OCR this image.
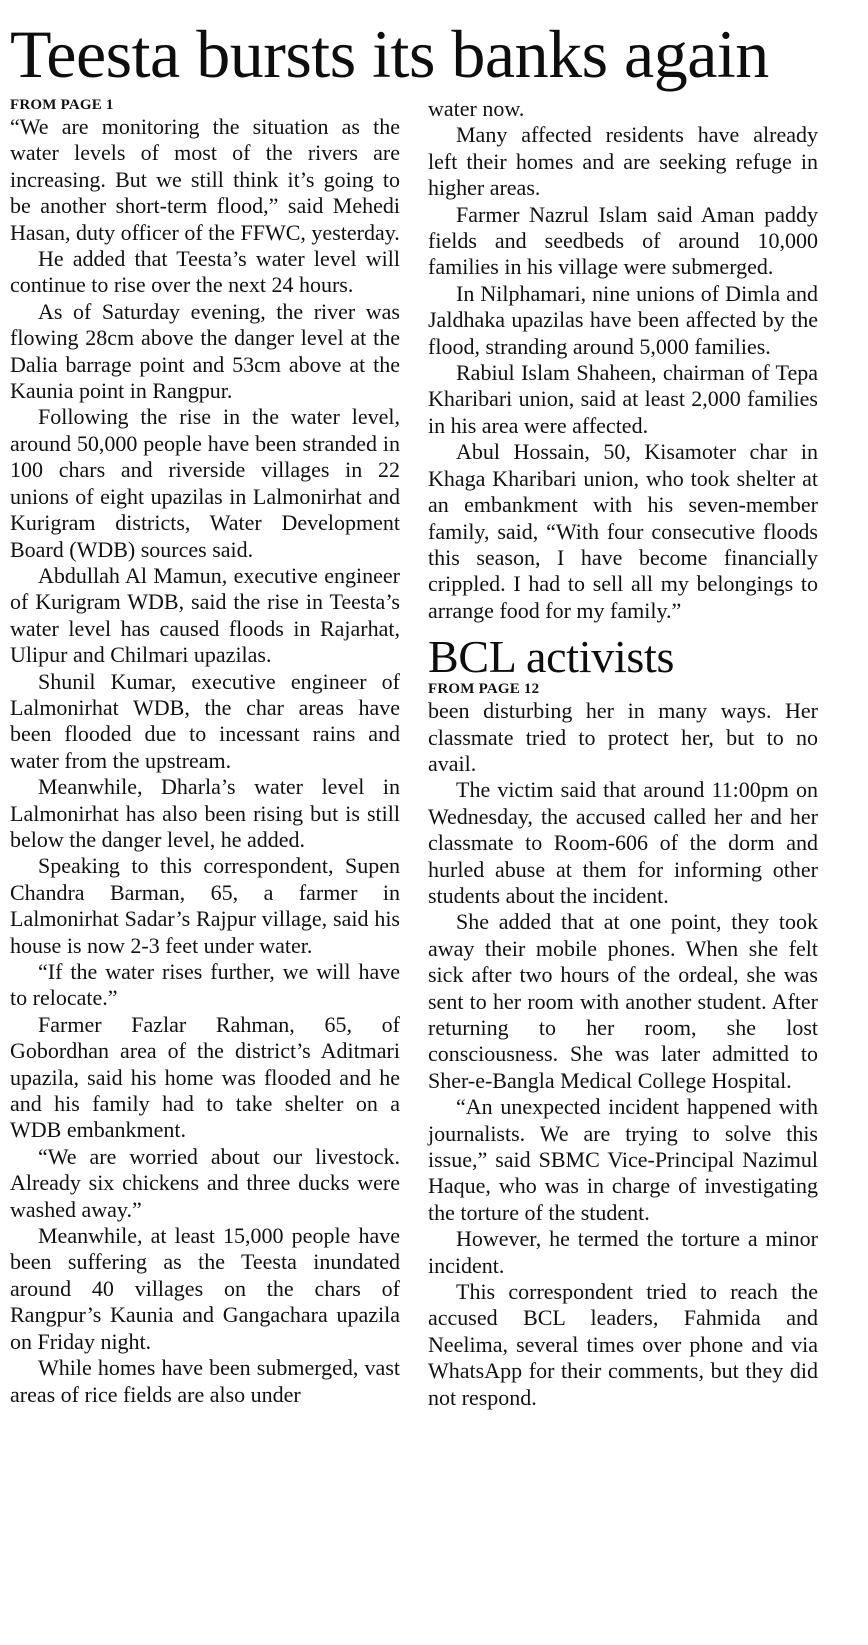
Teesta bursts its banks again
FROM PAGE 1

“We are monitoring the situation as the water levels of most of the rivers are increasing. But we still think it’s going to be another short-term flood,” said Mehedi Hasan, duty officer of the FFWC, yesterday.

He added that Teesta’s water level will continue to rise over the next 24 hours.

As of Saturday evening, the river was flowing 28cm above the danger level at the Dalia barrage point and 53cm above at the Kaunia point in Rangpur.

Following the rise in the water level, around 50,000 people have been stranded in 100 chars and riverside villages in 22 unions of eight upazilas in Lalmonirhat and Kurigram districts, Water Development Board (WDB) sources said.

Abdullah Al Mamun, executive engineer of Kurigram WDB, said the rise in Teesta’s water level has caused floods in Rajarhat, Ulipur and Chilmari upazilas.

Shunil Kumar, executive engineer of Lalmonirhat WDB, the char areas have been flooded due to incessant rains and water from the upstream.

Meanwhile, Dharla’s water level in Lalmonirhat has also been rising but is still below the danger level, he added.

Speaking to this correspondent, Supen Chandra Barman, 65, a farmer in Lalmonirhat Sadar’s Rajpur village, said his house is now 2-3 feet under water.

“If the water rises further, we will have to relocate.”

Farmer Fazlar Rahman, 65, of Gobordhan area of the district’s Aditmari upazila, said his home was flooded and he and his family had to take shelter on a WDB embankment.

“We are worried about our livestock. Already six chickens and three ducks were washed away.”

Meanwhile, at least 15,000 people have been suffering as the Teesta inundated around 40 villages on the chars of Rangpur’s Kaunia and Gangachara upazila on Friday night.

While homes have been submerged, vast areas of rice fields are also under

water now.

Many affected residents have already left their homes and are seeking refuge in higher areas.

Farmer Nazrul Islam said Aman paddy fields and seedbeds of around 10,000 families in his village were submerged.

In Nilphamari, nine unions of Dimla and Jaldhaka upazilas have been affected by the flood, stranding around 5,000 families.

Rabiul Islam Shaheen, chairman of Tepa Kharibari union, said at least 2,000 families in his area were affected.

Abul Hossain, 50, Kisamoter char in Khaga Kharibari union, who took shelter at an embankment with his seven-member family, said, “With four consecutive floods this season, I have become financially crippled. I had to sell all my belongings to arrange food for my family.”

BCL activists
FROM PAGE 12

been disturbing her in many ways. Her classmate tried to protect her, but to no avail.

The victim said that around 11:00pm on Wednesday, the accused called her and her classmate to Room-606 of the dorm and hurled abuse at them for informing other students about the incident.

She added that at one point, they took away their mobile phones. When she felt sick after two hours of the ordeal, she was sent to her room with another student. After returning to her room, she lost consciousness. She was later admitted to Sher-e-Bangla Medical College Hospital.

“An unexpected incident happened with journalists. We are trying to solve this issue,” said SBMC Vice-Principal Nazimul Haque, who was in charge of investigating the torture of the student.

However, he termed the torture a minor incident.

This correspondent tried to reach the accused BCL leaders, Fahmida and Neelima, several times over phone and via WhatsApp for their comments, but they did not respond.
